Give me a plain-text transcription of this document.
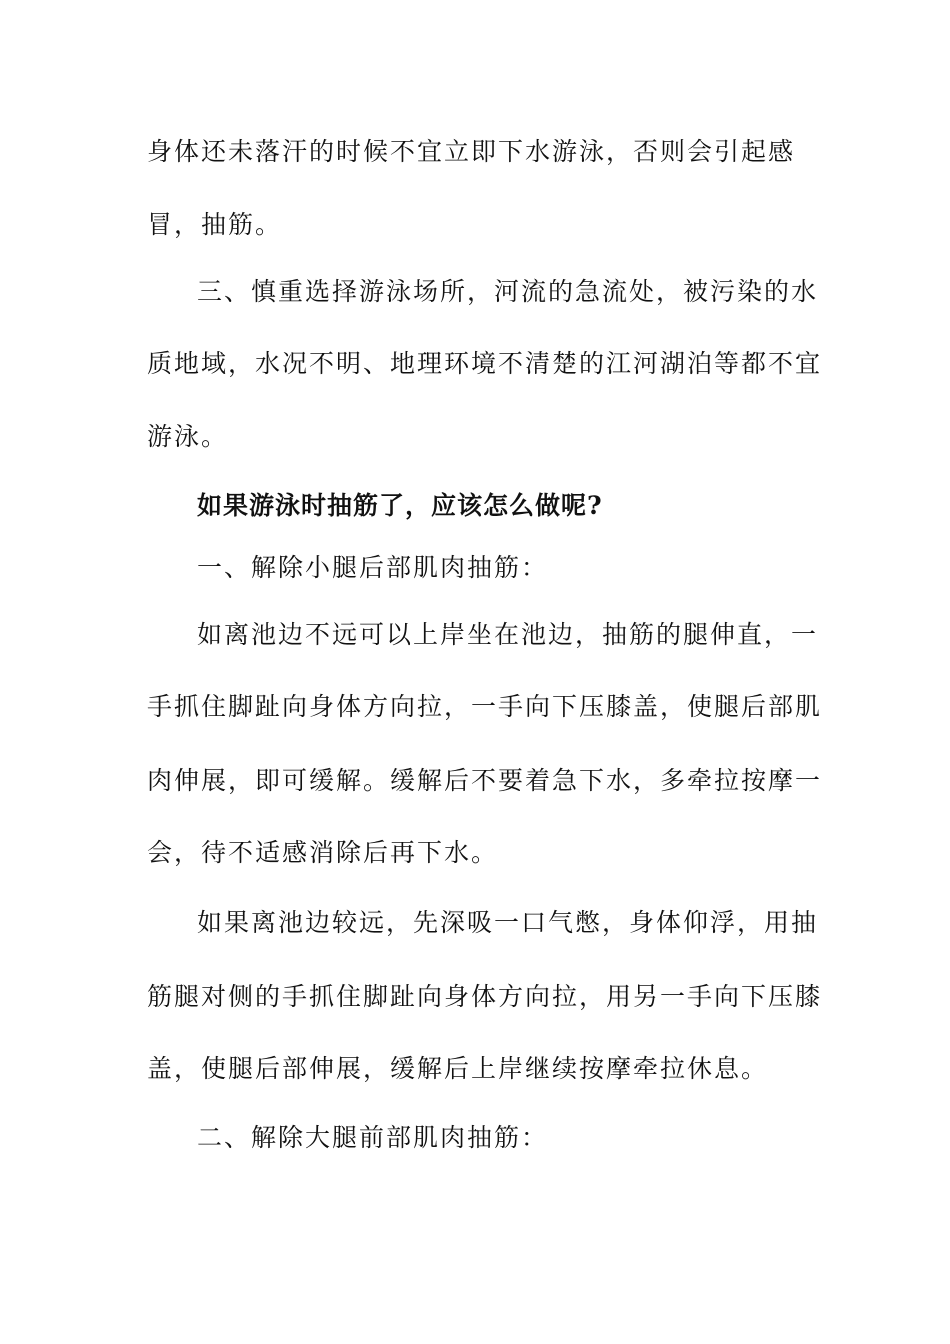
身体还未落汗的时候不宜立即下水游泳，否则会引起感
冒，抽筋。
三、慎重选择游泳场所，河流的急流处，被污染的水
质地域，水况不明、地理环境不清楚的江河湖泊等都不宜
游泳。
如果游泳时抽筋了，应该怎么做呢?
一、解除小腿后部肌肉抽筋：
如离池边不远可以上岸坐在池边，抽筋的腿伸直，一
手抓住脚趾向身体方向拉，一手向下压膝盖，使腿后部肌
肉伸展，即可缓解。缓解后不要着急下水，多牵拉按摩一
会，待不适感消除后再下水。
如果离池边较远，先深吸一口气憋，身体仰浮，用抽
筋腿对侧的手抓住脚趾向身体方向拉，用另一手向下压膝
盖，使腿后部伸展，缓解后上岸继续按摩牵拉休息。
二、解除大腿前部肌肉抽筋：
